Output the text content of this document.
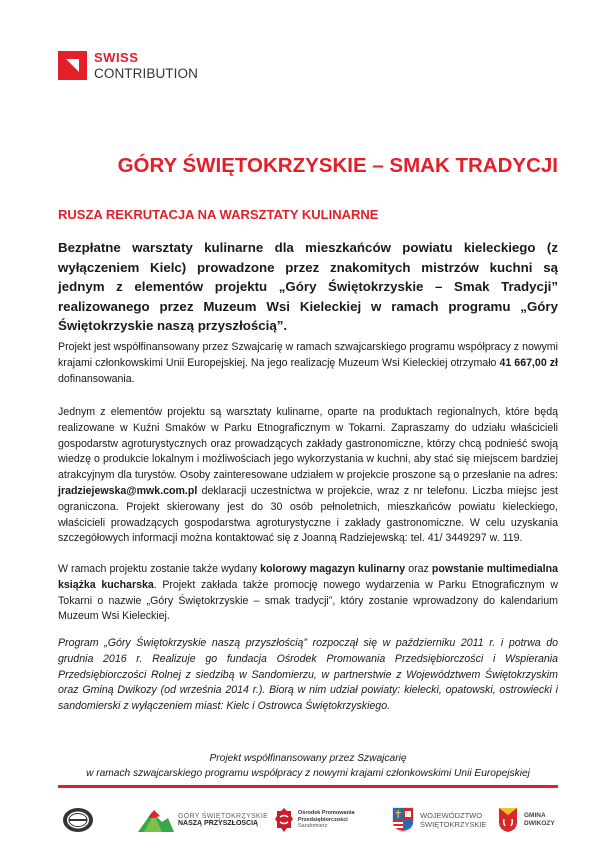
SWISS
CONTRIBUTION
GÓRY ŚWIĘTOKRZYSKIE – SMAK TRADYCJI
RUSZA REKRUTACJA NA WARSZTATY KULINARNE

Bezpłatne warsztaty kulinarne dla mieszkańców powiatu kieleckiego (z wyłączeniem Kielc) prowadzone przez znakomitych mistrzów kuchni są jednym z elementów projektu „Góry Świętokrzyskie – Smak Tradycji” realizowanego przez Muzeum Wsi Kieleckiej w ramach programu „Góry Świętokrzyskie naszą przyszłością”.

Projekt jest współfinansowany przez Szwajcarię w ramach szwajcarskiego programu współpracy z nowymi krajami członkowskimi Unii Europejskiej. Na jego realizację Muzeum Wsi Kieleckiej otrzymało 41 667,00 zł dofinansowania.

Jednym z elementów projektu są warsztaty kulinarne, oparte na produktach regionalnych, które będą realizowane w Kuźni Smaków w Parku Etnograficznym w Tokarni. Zapraszamy do udziału właścicieli gospodarstw agroturystycznych oraz prowadzących zakłady gastronomiczne, którzy chcą podnieść swoją wiedzę o produkcie lokalnym i możliwościach jego wykorzystania w kuchni, aby stać się miejscem bardziej atrakcyjnym dla turystów. Osoby zainteresowane udziałem w projekcie proszone są o przesłanie na adres: jradziejewska@mwk.com.pl deklaracji uczestnictwa w projekcie, wraz z nr telefonu. Liczba miejsc jest ograniczona. Projekt skierowany jest do 30 osób pełnoletnich, mieszkańców powiatu kieleckiego, właścicieli prowadzących gospodarstwa agroturystyczne i zakłady gastronomiczne. W celu uzyskania szczegółowych informacji można kontaktować się z Joanną Radziejewską: tel. 41/ 3449297 w. 119.

W ramach projektu zostanie także wydany kolorowy magazyn kulinarny oraz powstanie multimedialna książka kucharska. Projekt zakłada także promocję nowego wydarzenia w Parku Etnograficznym w Tokarni o nazwie „Góry Świętokrzyskie – smak tradycji”, który zostanie wprowadzony do kalendarium Muzeum Wsi Kieleckiej.

Program „Góry Świętokrzyskie naszą przyszłością” rozpoczął się w październiku 2011 r. i potrwa do grudnia 2016 r. Realizuje go fundacja Ośrodek Promowania Przedsiębiorczości i Wspierania Przedsiębiorczości Rolnej z siedzibą w Sandomierzu, w partnerstwie z Województwem Świętokrzyskim oraz Gminą Dwikozy (od września 2014 r.). Biorą w nim udział powiaty: kielecki, opatowski, ostrowiecki i sandomierski z wyłączeniem miast: Kielc i Ostrowca Świętokrzyskiego.

Projekt współfinansowany przez Szwajcarię
w ramach szwajcarskiego programu współpracy z nowymi krajami członkowskimi Unii Europejskiej
GÓRY ŚWIĘTOKRZYSKIE
NASZĄ PRZYSZŁOŚCIĄ
Ośrodek Promowania
Przedsiębiorczości
Sandomierz
WOJEWÓDZTWO
ŚWIĘTOKRZYSKIE
GMINA
DWIKOZY
